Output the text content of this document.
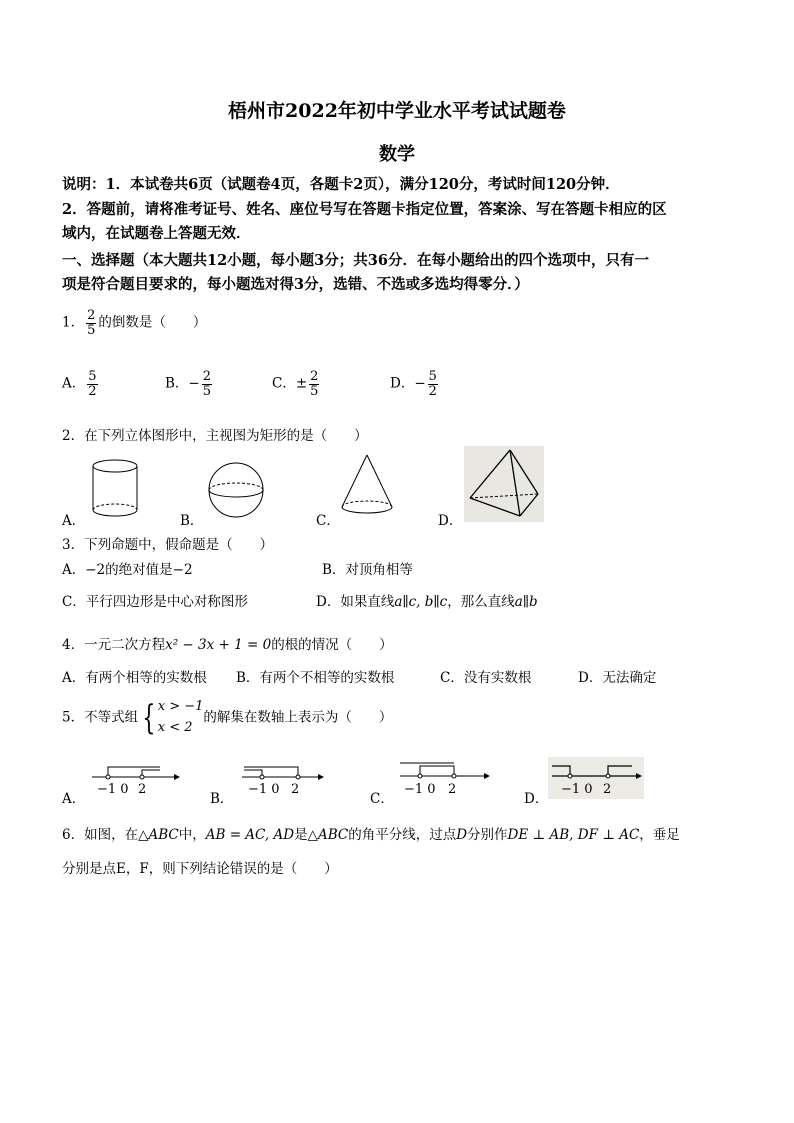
梧州市2022年初中学业水平考试试题卷
数学
说明：1．本试卷共6页（试题卷4页，各题卡2页），满分120分，考试时间120分钟．
2．答题前，请将准考证号、姓名、座位号写在答题卡指定位置，答案涂、写在答题卡相应的区
域内，在试题卷上答题无效．
一、选择题（本大题共12小题，每小题3分；共36分．在每小题给出的四个选项中，只有一
项是符合题目要求的，每小题选对得3分，选错、不选或多选均得零分．）
1． $\frac{2}{5}$ 的倒数是（　　）
A． $\frac{5}{2}$	B．− $\frac{2}{5}$	C．± $\frac{2}{5}$	D．− $\frac{5}{2}$
2．在下列立体图形中，主视图为矩形的是（　　）
A．	B．	C．	D．
3．下列命题中，假命题是（　　）
A．−2的绝对值是−2	B．对顶角相等
C．平行四边形是中心对称图形	D．如果直线a∥c, b∥c，那么直线a∥b
4．一元二次方程x² − 3x + 1 = 0的根的情况（　　）
A．有两个相等的实数根 B．有两个不相等的实数根	C．没有实数根	D．无法确定
5．不等式组 { x > −1
x < 2
的解集在数轴上表示为（　　）
A．
−1 0 2
B．
−1 0 2
C．
−1 0 2
D．
−1 0 2
6．如图，在△ABC中，AB = AC, AD是△ABC的角平分线，过点D分别作DE ⊥ AB, DF ⊥ AC，垂足
分别是点E，F，则下列结论错误的是（　　）
